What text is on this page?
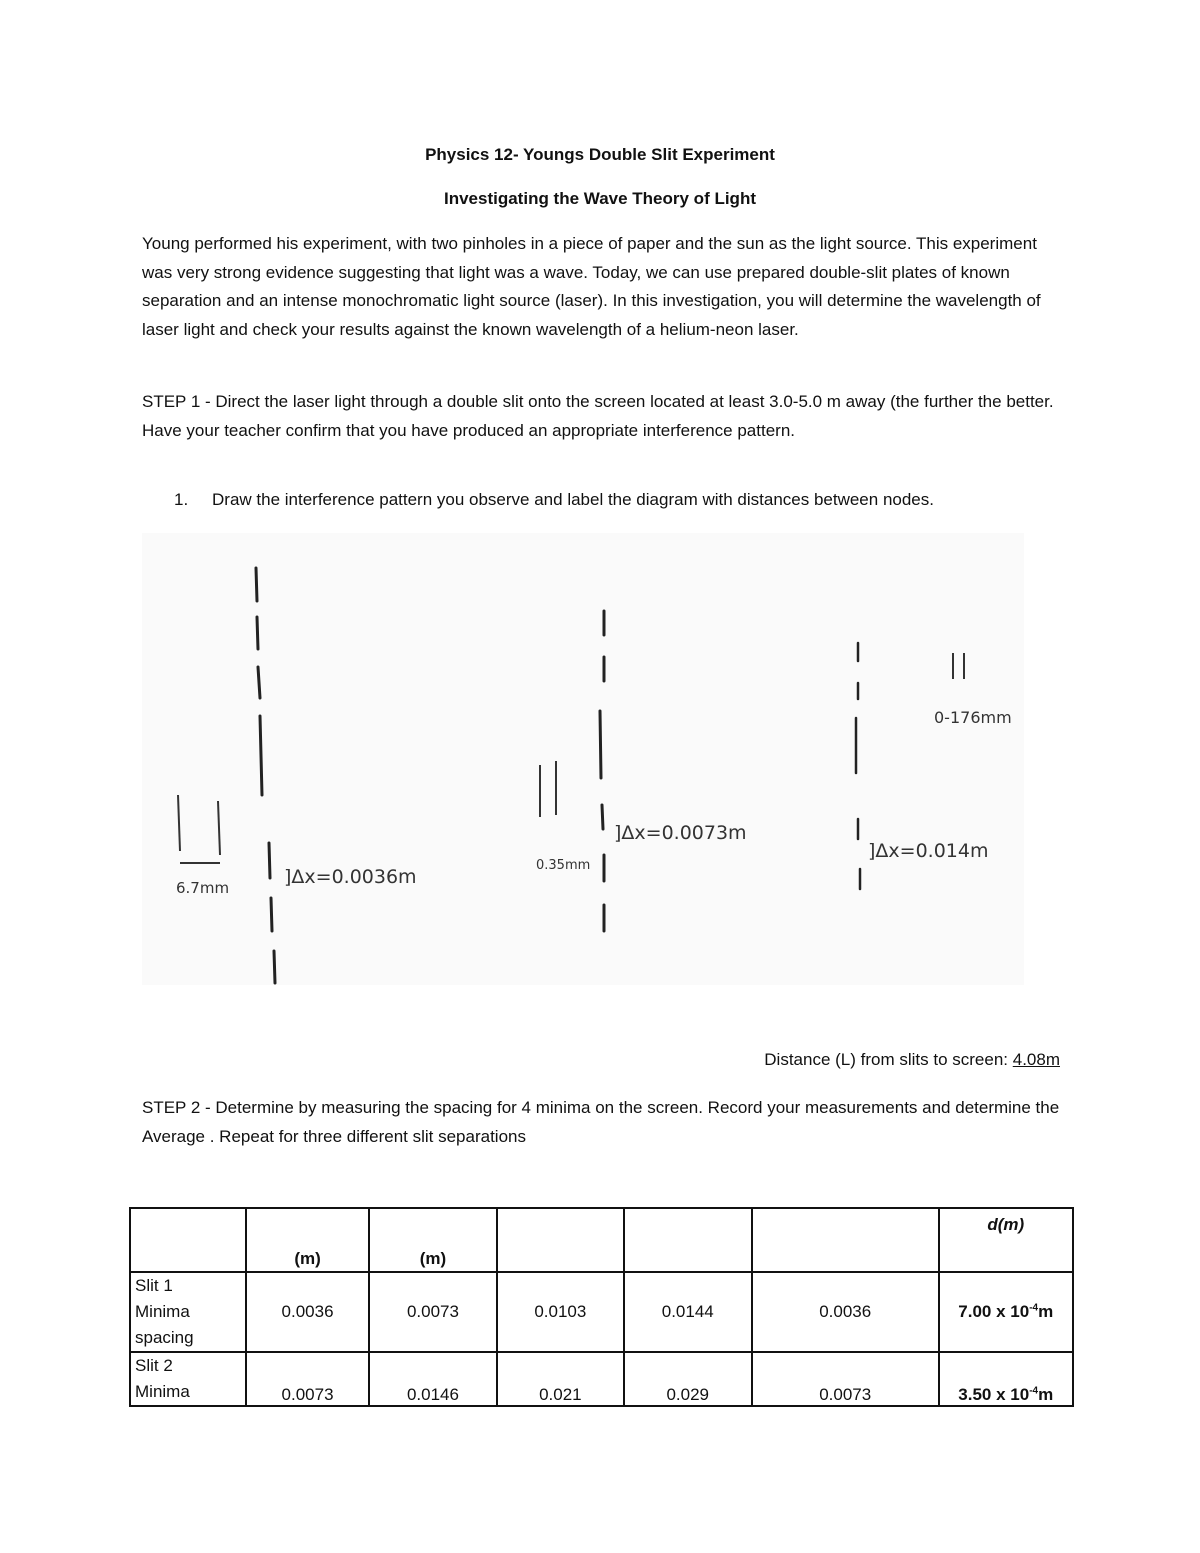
Physics 12- Youngs Double Slit Experiment
Investigating the Wave Theory of Light
Young performed his experiment, with two pinholes in a piece of paper and the sun as the light source. This experiment was very strong evidence suggesting that light was a wave. Today, we can use prepared double-slit plates of known separation and an intense monochromatic light source (laser). In this investigation, you will determine the wavelength of laser light and check your results against the known wavelength of a helium-neon laser.
STEP 1 - Direct the laser light through a double slit onto the screen located at least 3.0-5.0 m away (the further the better. Have your teacher confirm that you have produced an appropriate interference pattern.
1. Draw the interference pattern you observe and label the diagram with distances between nodes.
6.7mm	]Δx=0.0036m
0.35mm
]Δx=0.0073m
0-176mm
]Δx=0.014m
Distance (L) from slits to screen: 4.08m
STEP 2 - Determine by measuring the spacing for 4 minima on the screen. Record your measurements and determine the Average . Repeat for three different slit separations
	(m)	(m)				d(m)

Slit 1
Minima
spacing	0.0036	0.0073	0.0103	0.0144	0.0036	7.00 x $10^{-4}m$

Slit 2
Minima	0.0073	0.0146	0.021	0.029	0.0073	3.50 x $10^{-4}m$
